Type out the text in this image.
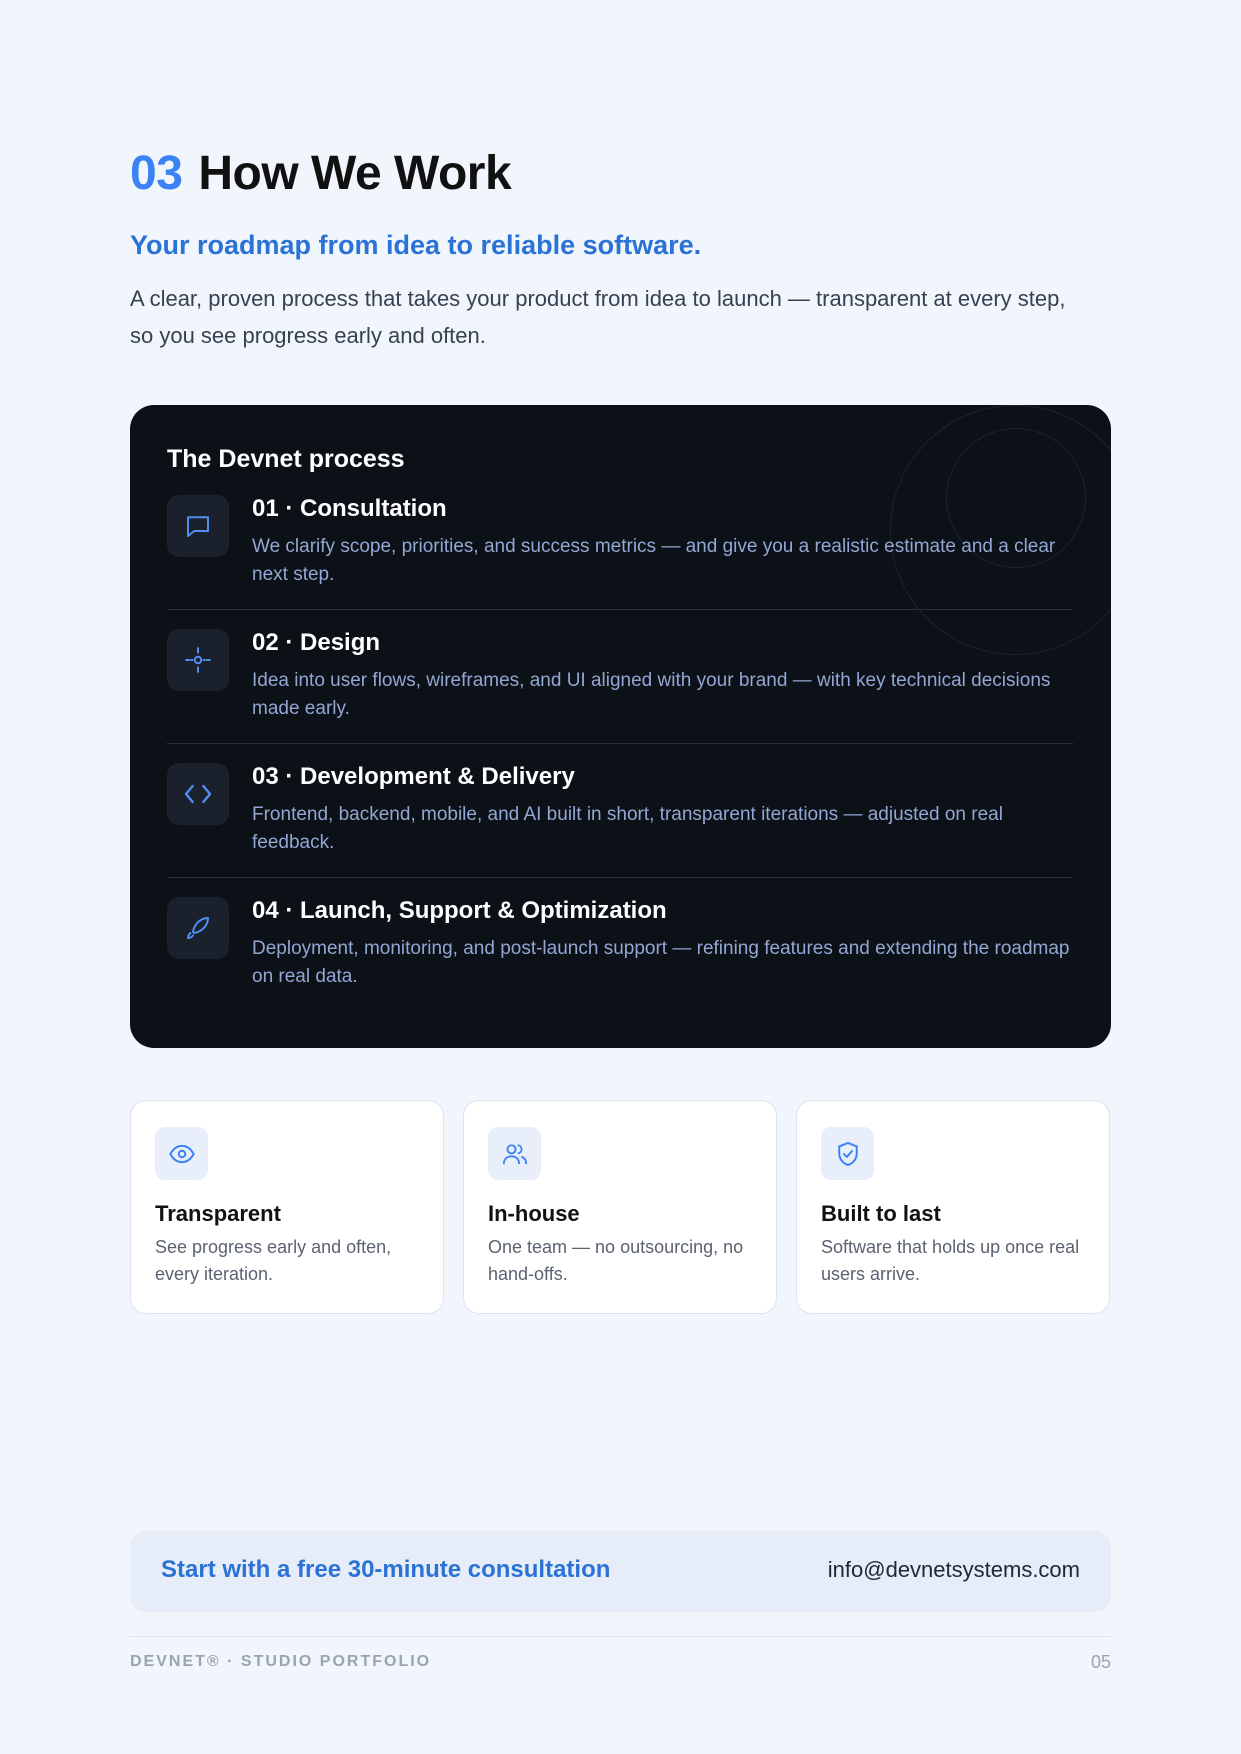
03 How We Work
Your roadmap from idea to reliable software.
A clear, proven process that takes your product from idea to launch — transparent at every step, so you see progress early and often.
The Devnet process
01 · Consultation
We clarify scope, priorities, and success metrics — and give you a realistic estimate and a clear next step.
02 · Design
Idea into user flows, wireframes, and UI aligned with your brand — with key technical decisions made early.
03 · Development & Delivery
Frontend, backend, mobile, and AI built in short, transparent iterations — adjusted on real feedback.
04 · Launch, Support & Optimization
Deployment, monitoring, and post-launch support — refining features and extending the roadmap on real data.
Transparent
See progress early and often, every iteration.
In-house
One team — no outsourcing, no hand-offs.
Built to last
Software that holds up once real users arrive.
Start with a free 30-minute consultation	info@devnetsystems.com
DEVNET® · STUDIO PORTFOLIO	05
